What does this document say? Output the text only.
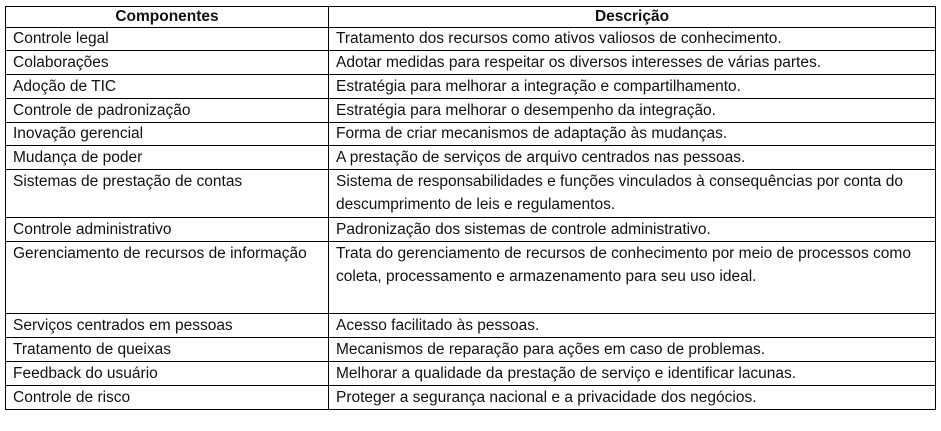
Componentes	Descrição
Controle legal	Tratamento dos recursos como ativos valiosos de conhecimento.
Colaborações	Adotar medidas para respeitar os diversos interesses de várias partes.
Adoção de TIC	Estratégia para melhorar a integração e compartilhamento.
Controle de padronização	Estratégia para melhorar o desempenho da integração.
Inovação gerencial	Forma de criar mecanismos de adaptação às mudanças.
Mudança de poder	A prestação de serviços de arquivo centrados nas pessoas.
Sistemas de prestação de contas	Sistema de responsabilidades e funções vinculados à consequências por conta do descumprimento de leis e regulamentos.
Controle administrativo	Padronização dos sistemas de controle administrativo.
Gerenciamento de recursos de informação	Trata do gerenciamento de recursos de conhecimento por meio de processos como coleta, processamento e armazenamento para seu uso ideal.
Serviços centrados em pessoas	Acesso facilitado às pessoas.
Tratamento de queixas	Mecanismos de reparação para ações em caso de problemas.
Feedback do usuário	Melhorar a qualidade da prestação de serviço e identificar lacunas.
Controle de risco	Proteger a segurança nacional e a privacidade dos negócios.
